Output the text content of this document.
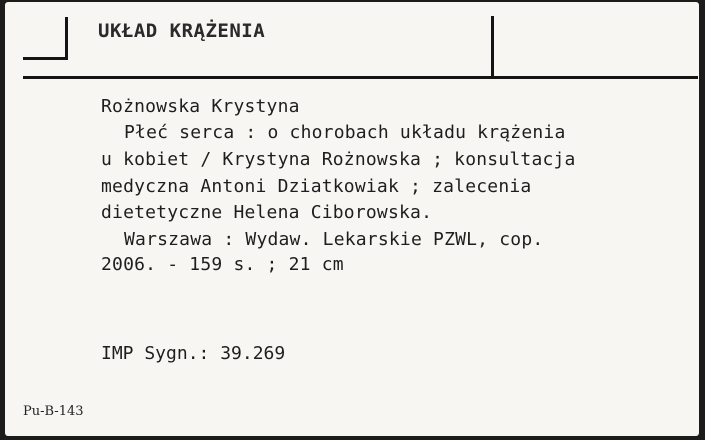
UKŁAD KRĄŻENIA
Rożnowska Krystyna
Płeć serca : o chorobach układu krążenia
u kobiet / Krystyna Rożnowska ; konsultacja
medyczna Antoni Dziatkowiak ; zalecenia
dietetyczne Helena Ciborowska.
Warszawa : Wydaw. Lekarskie PZWL, cop.
2006. - 159 s. ; 21 cm
IMP Sygn.: 39.269
Pu-B-143
